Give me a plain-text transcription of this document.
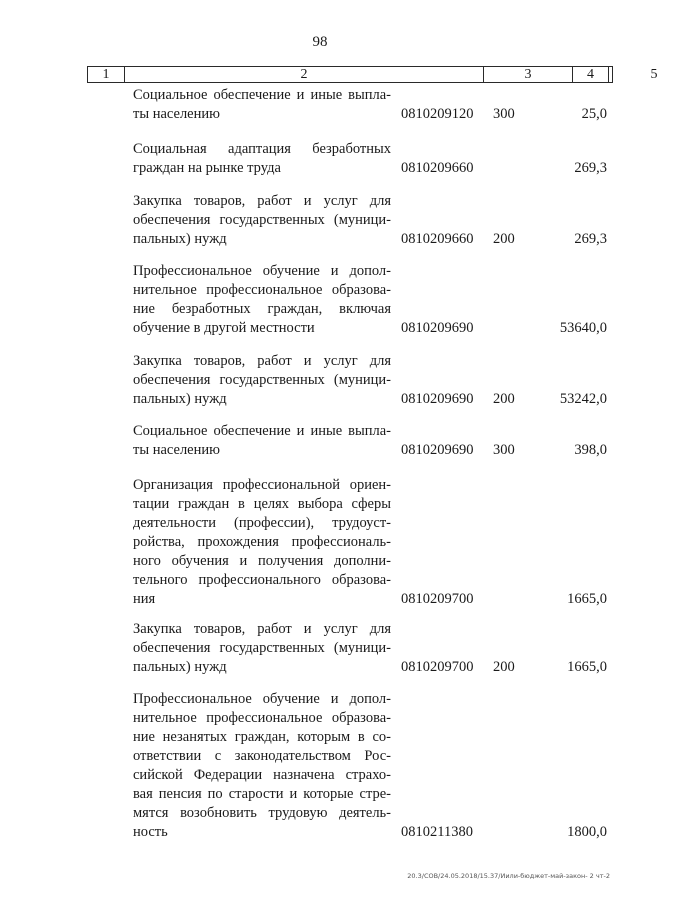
98
1	2	3	4	5
Социальное обеспечение и иные выпла-
ты населению	0810209120 300	25,0
Социальная адаптация безработных
граждан на рынке труда	0810209660	269,3
Закупка товаров, работ и услуг для
обеспечения государственных (муници-
пальных) нужд	0810209660 200	269,3
Профессиональное обучение и допол-
нительное профессиональное образова-
ние безработных граждан, включая
обучение в другой местности	0810209690	53640,0
Закупка товаров, работ и услуг для
обеспечения государственных (муници-
пальных) нужд	0810209690 200	53242,0
Социальное обеспечение и иные выпла-
ты населению	0810209690 300	398,0
Организация профессиональной ориен-
тации граждан в целях выбора сферы
деятельности (профессии), трудоуст-
ройства, прохождения профессиональ-
ного обучения и получения дополни-
тельного профессионального образова-
ния	0810209700	1665,0
Закупка товаров, работ и услуг для
обеспечения государственных (муници-
пальных) нужд	0810209700 200	1665,0
Профессиональное обучение и допол-
нительное профессиональное образова-
ние незанятых граждан, которым в со-
ответствии с законодательством Рос-
сийской Федерации назначена страхо-
вая пенсия по старости и которые стре-
мятся возобновить трудовую деятель-
ность	0810211380	1800,0
20.3/COB/24.05.2018/15.37/Иили-бюджет-май-закон- 2 чт-2
